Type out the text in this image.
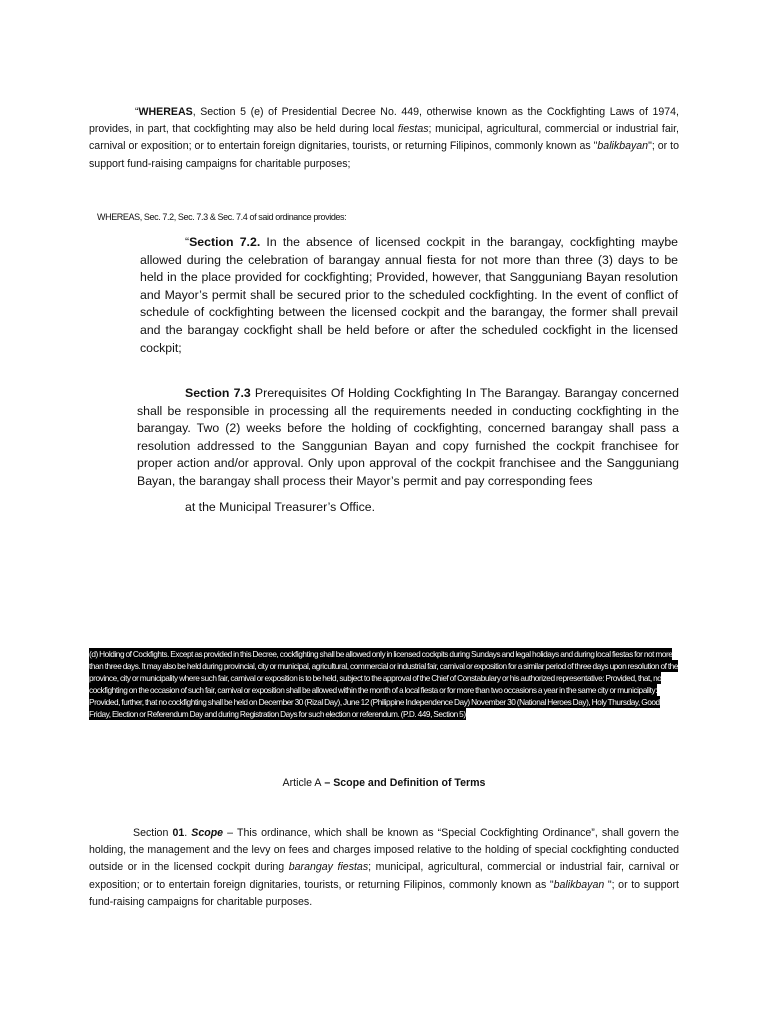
“WHEREAS, Section 5 (e) of Presidential Decree No. 449, otherwise known as the Cockfighting Laws of 1974, provides, in part, that cockfighting may also be held during local fiestas; municipal, agricultural, commercial or industrial fair, carnival or exposition; or to entertain foreign dignitaries, tourists, or returning Filipinos, commonly known as "balikbayan"; or to support fund-raising campaigns for charitable purposes;
WHEREAS, Sec. 7.2, Sec. 7.3 & Sec. 7.4 of said ordinance provides:
“Section 7.2. In the absence of licensed cockpit in the barangay, cockfighting maybe allowed during the celebration of barangay annual fiesta for not more than three (3) days to be held in the place provided for cockfighting; Provided, however, that Sangguniang Bayan resolution and Mayor’s permit shall be secured prior to the scheduled cockfighting. In the event of conflict of schedule of cockfighting between the licensed cockpit and the barangay, the former shall prevail and the barangay cockfight shall be held before or after the scheduled cockfight in the licensed cockpit;
Section 7.3 Prerequisites Of Holding Cockfighting In The Barangay. Barangay concerned shall be responsible in processing all the requirements needed in conducting cockfighting in the barangay. Two (2) weeks before the holding of cockfighting, concerned barangay shall pass a resolution addressed to the Sanggunian Bayan and copy furnished the cockpit franchisee for proper action and/or approval. Only upon approval of the cockpit franchisee and the Sangguniang Bayan, the barangay shall process their Mayor’s permit and pay corresponding fees
at the Municipal Treasurer’s Office.
(d) Holding of Cockfights. Except as provided in this Decree, cockfighting shall be allowed only in licensed cockpits during Sundays and legal holidays and during local fiestas for not more than three days. It may also be held during provincial, city or municipal, agricultural, commercial or industrial fair, carnival or exposition for a similar period of three days upon resolution of the province, city or municipality where such fair, carnival or exposition is to be held, subject to the approval of the Chief of Constabulary or his authorized representative: Provided, that, no cockfighting on the occasion of such fair, carnival or exposition shall be allowed within the month of a local fiesta or for more than two occasions a year in the same city or municipality: Provided, further, that no cockfighting shall be held on December 30 (Rizal Day), June 12 (Philippine Independence Day) November 30 (National Heroes Day), Holy Thursday, Good Friday, Election or Referendum Day and during Registration Days for such election or referendum. (P.D. 449, Section 5)
Article A – Scope and Definition of Terms
Section 01. Scope – This ordinance, which shall be known as “Special Cockfighting Ordinance”, shall govern the holding, the management and the levy on fees and charges imposed relative to the holding of special cockfighting conducted outside or in the licensed cockpit during barangay fiestas; municipal, agricultural, commercial or industrial fair, carnival or exposition; or to entertain foreign dignitaries, tourists, or returning Filipinos, commonly known as "balikbayan "; or to support fund-raising campaigns for charitable purposes.
